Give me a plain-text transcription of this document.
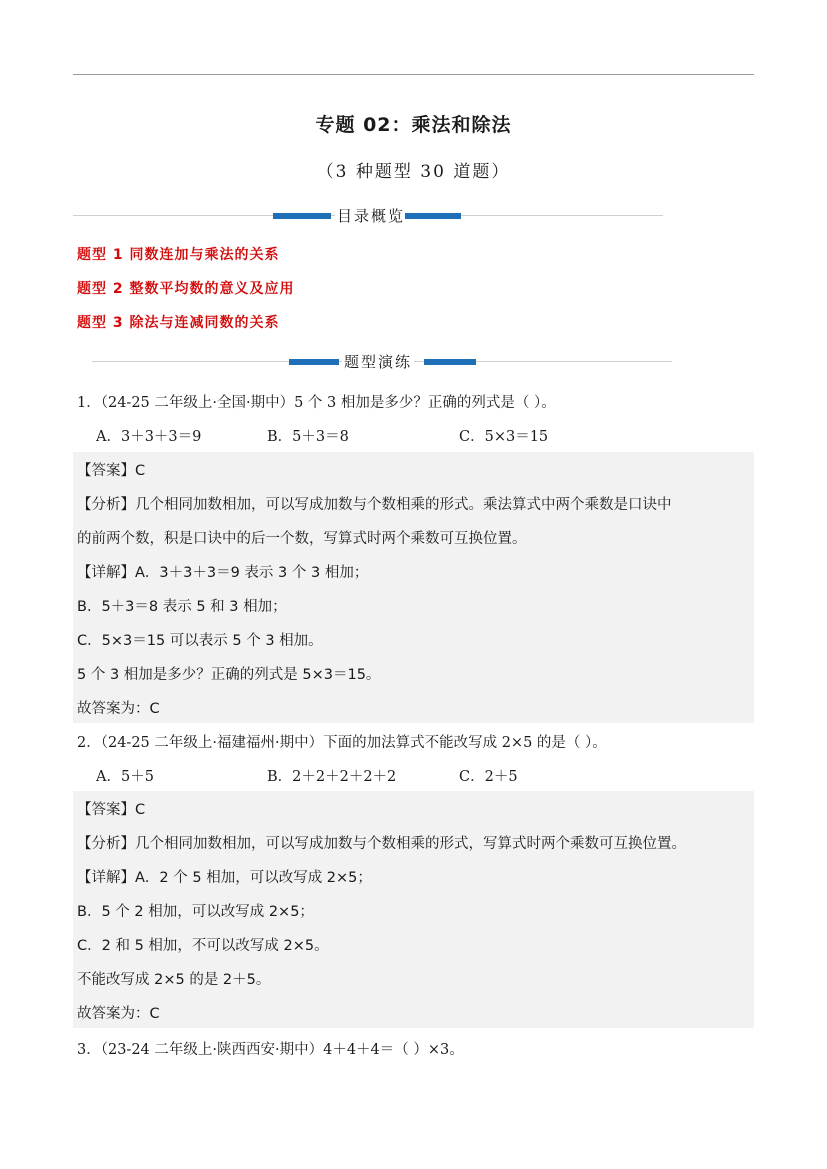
专题 02：乘法和除法
（3 种题型 30 道题）
目录概览
题型 1 同数连加与乘法的关系
题型 2 整数平均数的意义及应用
题型 3 除法与连减同数的关系
题型演练
1．（24-25 二年级上·全国·期中）5 个 3 相加是多少？正确的列式是（ ）。
A．3＋3＋3＝9	B．5＋3＝8	C．5×3＝15
【答案】C
【分析】几个相同加数相加，可以写成加数与个数相乘的形式。乘法算式中两个乘数是口诀中
的前两个数，积是口诀中的后一个数，写算式时两个乘数可互换位置。
【详解】A．3＋3＋3＝9 表示 3 个 3 相加；
B．5＋3＝8 表示 5 和 3 相加；
C．5×3＝15 可以表示 5 个 3 相加。
5 个 3 相加是多少？正确的列式是 5×3＝15。
故答案为：C
2．（24-25 二年级上·福建福州·期中）下面的加法算式不能改写成 2×5 的是（ ）。
A．5＋5	B．2＋2＋2＋2＋2	C．2＋5
【答案】C
【分析】几个相同加数相加，可以写成加数与个数相乘的形式，写算式时两个乘数可互换位置。
【详解】A．2 个 5 相加，可以改写成 2×5；
B．5 个 2 相加，可以改写成 2×5；
C．2 和 5 相加，不可以改写成 2×5。
不能改写成 2×5 的是 2＋5。
故答案为：C
3．（23-24 二年级上·陕西西安·期中）4＋4＋4＝（ ）×3。
